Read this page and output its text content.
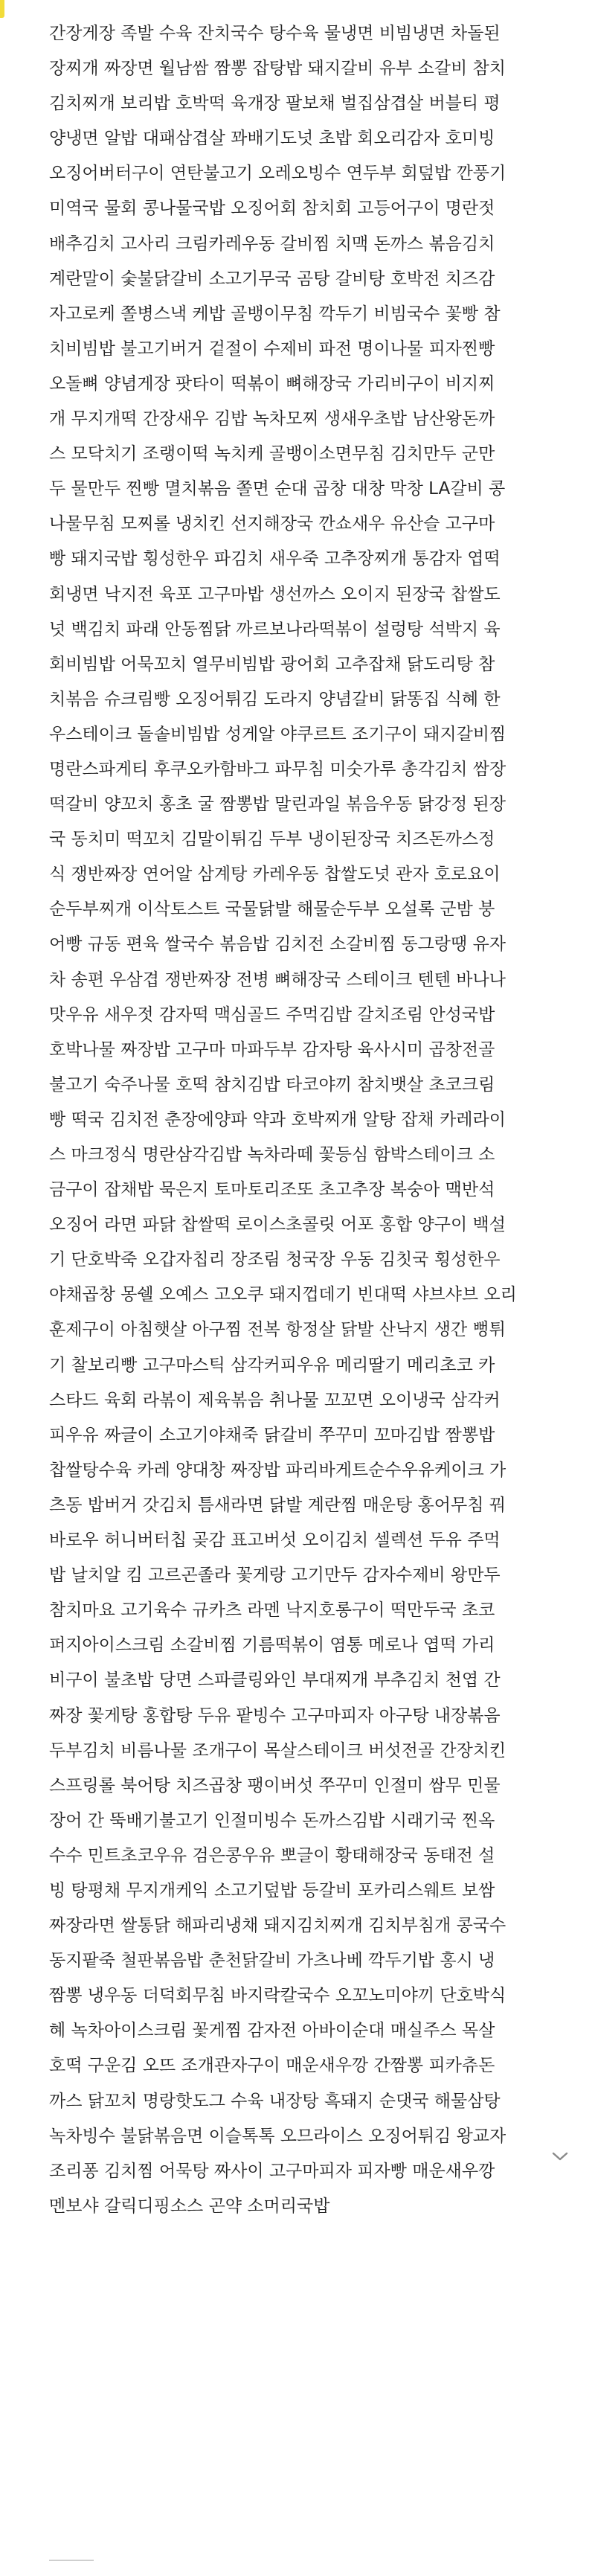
간장게장 족발 수육 잔치국수 탕수육 물냉면 비빔냉면 차돌된
장찌개 짜장면 월남쌈 짬뽕 잡탕밥 돼지갈비 유부 소갈비 참치
김치찌개 보리밥 호박떡 육개장 팔보채 벌집삼겹살 버블티 평
양냉면 알밥 대패삼겹살 꽈배기도넛 초밥 회오리감자 호미빙
오징어버터구이 연탄불고기 오레오빙수 연두부 회덮밥 깐풍기
미역국 물회 콩나물국밥 오징어회 참치회 고등어구이 명란젓
배추김치 고사리 크림카레우동 갈비찜 치맥 돈까스 볶음김치
계란말이 숯불닭갈비 소고기무국 곰탕 갈비탕 호박전 치즈감
자고로케 쫄병스낵 케밥 골뱅이무침 깍두기 비빔국수 꽃빵 참
치비빔밥 불고기버거 겉절이 수제비 파전 명이나물 피자찐빵
오돌뼈 양념게장 팟타이 떡볶이 뼈해장국 가리비구이 비지찌
개 무지개떡 간장새우 김밥 녹차모찌 생새우초밥 남산왕돈까
스 모닥치기 조랭이떡 녹치케 골뱅이소면무침 김치만두 군만
두 물만두 찐빵 멸치볶음 쫄면 순대 곱창 대창 막창 LA갈비 콩
나물무침 모찌롤 냉치킨 선지해장국 깐쇼새우 유산슬 고구마
빵 돼지국밥 횡성한우 파김치 새우죽 고추장찌개 통감자 엽떡
회냉면 낙지전 육포 고구마밥 생선까스 오이지 된장국 찹쌀도
넛 백김치 파래 안동찜닭 까르보나라떡볶이 설렁탕 석박지 육
회비빔밥 어묵꼬치 열무비빔밥 광어회 고추잡채 닭도리탕 참
치볶음 슈크림빵 오징어튀김 도라지 양념갈비 닭똥집 식혜 한
우스테이크 돌솥비빔밥 성게알 야쿠르트 조기구이 돼지갈비찜
명란스파게티 후쿠오카함바그 파무침 미숫가루 총각김치 쌈장
떡갈비 양꼬치 홍초 굴 짬뽕밥 말린과일 볶음우동 닭강정 된장
국 동치미 떡꼬치 김말이튀김 두부 냉이된장국 치즈돈까스정
식 쟁반짜장 연어알 삼계탕 카레우동 찹쌀도넛 관자 호로요이
순두부찌개 이삭토스트 국물닭발 해물순두부 오설록 군밤 붕
어빵 규동 편육 쌀국수 볶음밥 김치전 소갈비찜 동그랑땡 유자
차 송편 우삼겹 쟁반짜장 전병 뼈해장국 스테이크 텐텐 바나나
맛우유 새우젓 감자떡 맥심골드 주먹김밥 갈치조림 안성국밥
호박나물 짜장밥 고구마 마파두부 감자탕 육사시미 곱창전골
불고기 숙주나물 호떡 참치김밥 타코야끼 참치뱃살 초코크림
빵 떡국 김치전 춘장에양파 약과 호박찌개 알탕 잡채 카레라이
스 마크정식 명란삼각김밥 녹차라떼 꽃등심 함박스테이크 소
금구이 잡채밥 묵은지 토마토리조또 초고추장 복숭아 맥반석
오징어 라면 파닭 찹쌀떡 로이스초콜릿 어포 홍합 양구이 백설
기 단호박죽 오갑자칩리 장조림 청국장 우동 김칫국 횡성한우
야채곱창 몽쉘 오예스 고오쿠 돼지껍데기 빈대떡 샤브샤브 오리
훈제구이 아침햇살 아구찜 전복 항정살 닭발 산낙지 생간 뻥튀
기 찰보리빵 고구마스틱 삼각커피우유 메리딸기 메리초코 카
스타드 육회 라볶이 제육볶음 취나물 꼬꼬면 오이냉국 삼각커
피우유 짜글이 소고기야채죽 닭갈비 쭈꾸미 꼬마김밥 짬뽕밥
찹쌀탕수육 카레 양대창 짜장밥 파리바게트순수우유케이크 가
츠동 밥버거 갓김치 틈새라면 닭발 계란찜 매운탕 홍어무침 꿔
바로우 허니버터칩 곶감 표고버섯 오이김치 셀렉션 두유 주먹
밥 날치알 킴 고르곤졸라 꽃게랑 고기만두 감자수제비 왕만두
참치마요 고기육수 규카츠 라멘 낙지호롱구이 떡만두국 초코
퍼지아이스크림 소갈비찜 기름떡볶이 염통 메로나 엽떡 가리
비구이 불초밥 당면 스파클링와인 부대찌개 부추김치 천엽 간
짜장 꽃게탕 홍합탕 두유 팥빙수 고구마피자 아구탕 내장볶음
두부김치 비름나물 조개구이 목살스테이크 버섯전골 간장치킨
스프링롤 북어탕 치즈곱창 팽이버섯 쭈꾸미 인절미 쌈무 민물
장어 간 뚝배기불고기 인절미빙수 돈까스김밥 시래기국 찐옥
수수 민트초코우유 검은콩우유 뽀글이 황태해장국 동태전 설
빙 탕평채 무지개케익 소고기덮밥 등갈비 포카리스웨트 보쌈
짜장라면 쌀통닭 해파리냉채 돼지김치찌개 김치부침개 콩국수
동지팥죽 철판볶음밥 춘천닭갈비 가츠나베 깍두기밥 홍시 냉
짬뽕 냉우동 더덕회무침 바지락칼국수 오꼬노미야끼 단호박식
혜 녹차아이스크림 꽃게찜 감자전 아바이순대 매실주스 목살
호떡 구운김 오뜨 조개관자구이 매운새우깡 간짬뽕 피카츄돈
까스 닭꼬치 명랑핫도그 수육 내장탕 흑돼지 순댓국 해물삼탕
녹차빙수 불닭볶음면 이슬톡톡 오므라이스 오징어튀김 왕교자
조리퐁 김치찜 어묵탕 짜사이 고구마피자 피자빵 매운새우깡
멘보샤 갈릭디핑소스 곤약 소머리국밥
